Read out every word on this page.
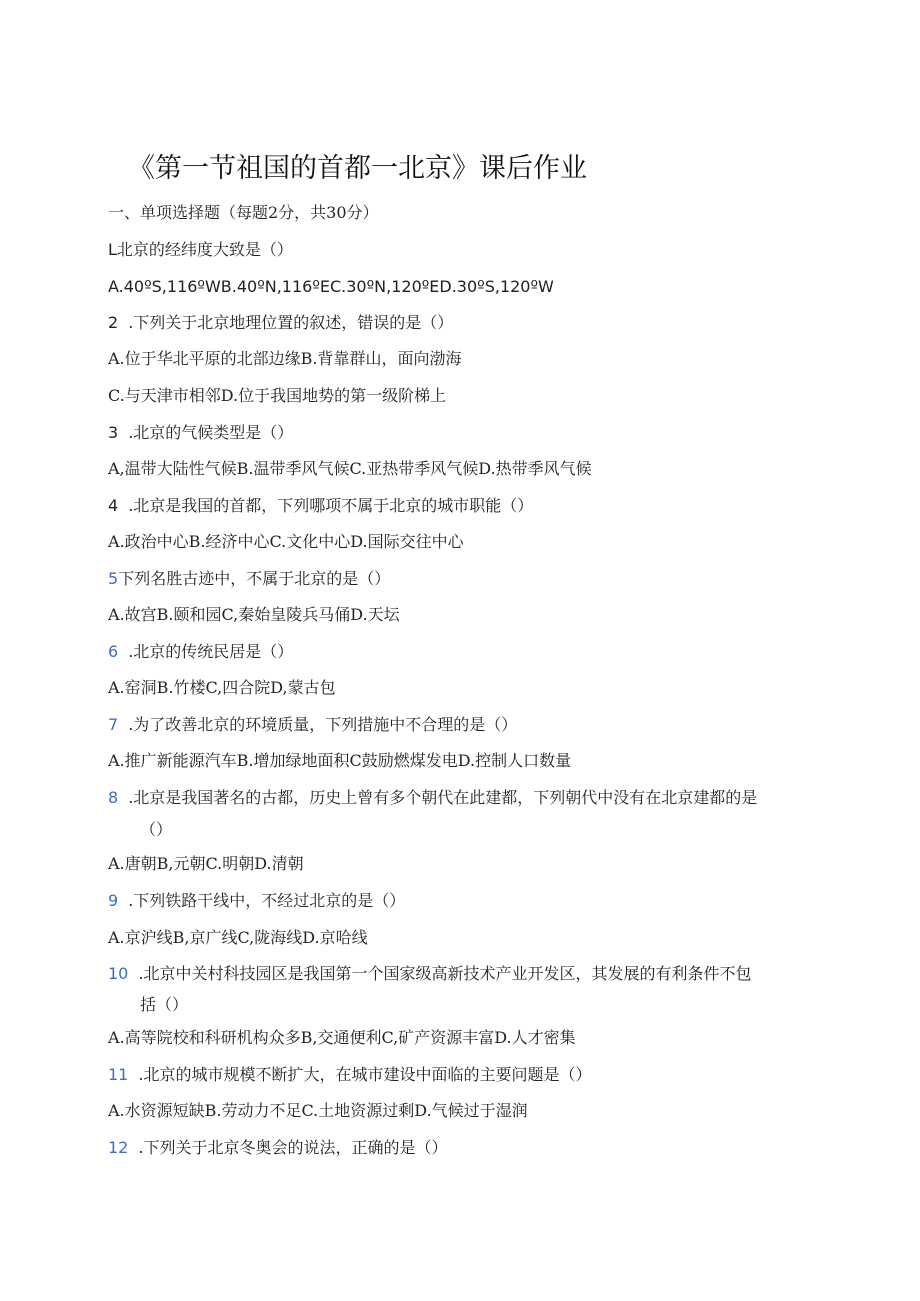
《第一节祖国的首都一北京》课后作业
一、单项选择题（每题2分，共30分）
L北京的经纬度大致是（）
A.40ºS,116ºWB.40ºN,116ºEC.30ºN,120ºED.30ºS,120ºW
2 .下列关于北京地理位置的叙述，错误的是（）
A.位于华北平原的北部边缘B.背靠群山，面向渤海
C.与天津市相邻D.位于我国地势的第一级阶梯上
3 .北京的气候类型是（）
A,温带大陆性气候B.温带季风气候C.亚热带季风气候D.热带季风气候
4 .北京是我国的首都，下列哪项不属于北京的城市职能（）
A.政治中心B.经济中心C.文化中心D.国际交往中心
5下列名胜古迹中，不属于北京的是（）
A.故宫B.颐和园C,秦始皇陵兵马俑D.天坛
6 .北京的传统民居是（）
A.窑洞B.竹楼C,四合院D,蒙古包
7 .为了改善北京的环境质量，下列措施中不合理的是（）
A.推广新能源汽车B.增加绿地面积C鼓励燃煤发电D.控制人口数量
8 .北京是我国著名的古都，历史上曾有多个朝代在此建都，下列朝代中没有在北京建都的是
（）
A.唐朝B,元朝C.明朝D.清朝
9 .下列铁路干线中，不经过北京的是（）
A.京沪线B,京广线C,陇海线D.京哈线
10 .北京中关村科技园区是我国第一个国家级高新技术产业开发区，其发展的有利条件不包
括（）
A.高等院校和科研机构众多B,交通便利C,矿产资源丰富D.人才密集
11 .北京的城市规模不断扩大，在城市建设中面临的主要问题是（）
A.水资源短缺B.劳动力不足C.土地资源过剩D.气候过于湿润
12 .下列关于北京冬奥会的说法，正确的是（）
